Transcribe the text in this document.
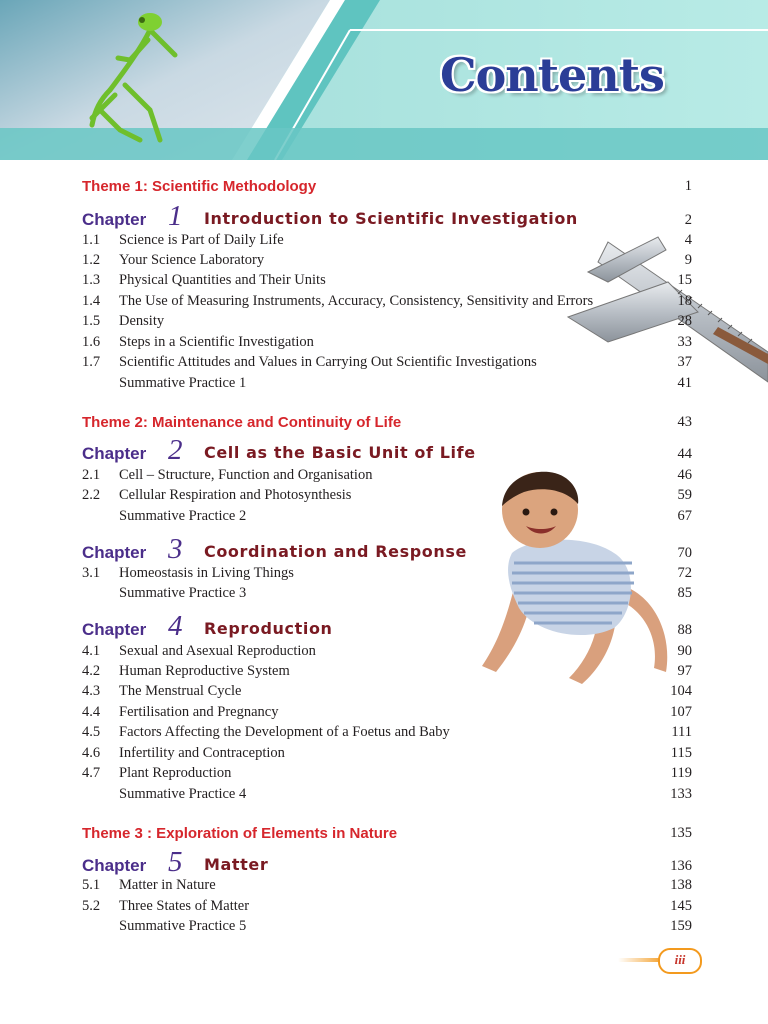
Contents
Theme 1: Scientific Methodology	1
Chapter 1 Introduction to Scientific Investigation	2
1.1 Science is Part of Daily Life	4
1.2 Your Science Laboratory	9
1.3 Physical Quantities and Their Units	15
1.4 The Use of Measuring Instruments, Accuracy, Consistency, Sensitivity and Errors	18
1.5 Density	28
1.6 Steps in a Scientific Investigation	33
1.7 Scientific Attitudes and Values in Carrying Out Scientific Investigations	37
Summative Practice 1	41
Theme 2: Maintenance and Continuity of Life	43
Chapter 2 Cell as the Basic Unit of Life	44
2.1 Cell – Structure, Function and Organisation	46
2.2 Cellular Respiration and Photosynthesis	59
Summative Practice 2	67
Chapter 3 Coordination and Response	70
3.1 Homeostasis in Living Things	72
Summative Practice 3	85
Chapter 4 Reproduction	88
4.1 Sexual and Asexual Reproduction	90
4.2 Human Reproductive System	97
4.3 The Menstrual Cycle	104
4.4 Fertilisation and Pregnancy	107
4.5 Factors Affecting the Development of a Foetus and Baby	111
4.6 Infertility and Contraception	115
4.7 Plant Reproduction	119
Summative Practice 4	133
Theme 3 : Exploration of Elements in Nature	135
Chapter 5 Matter	136
5.1 Matter in Nature	138
5.2 Three States of Matter	145
Summative Practice 5	159
iii
